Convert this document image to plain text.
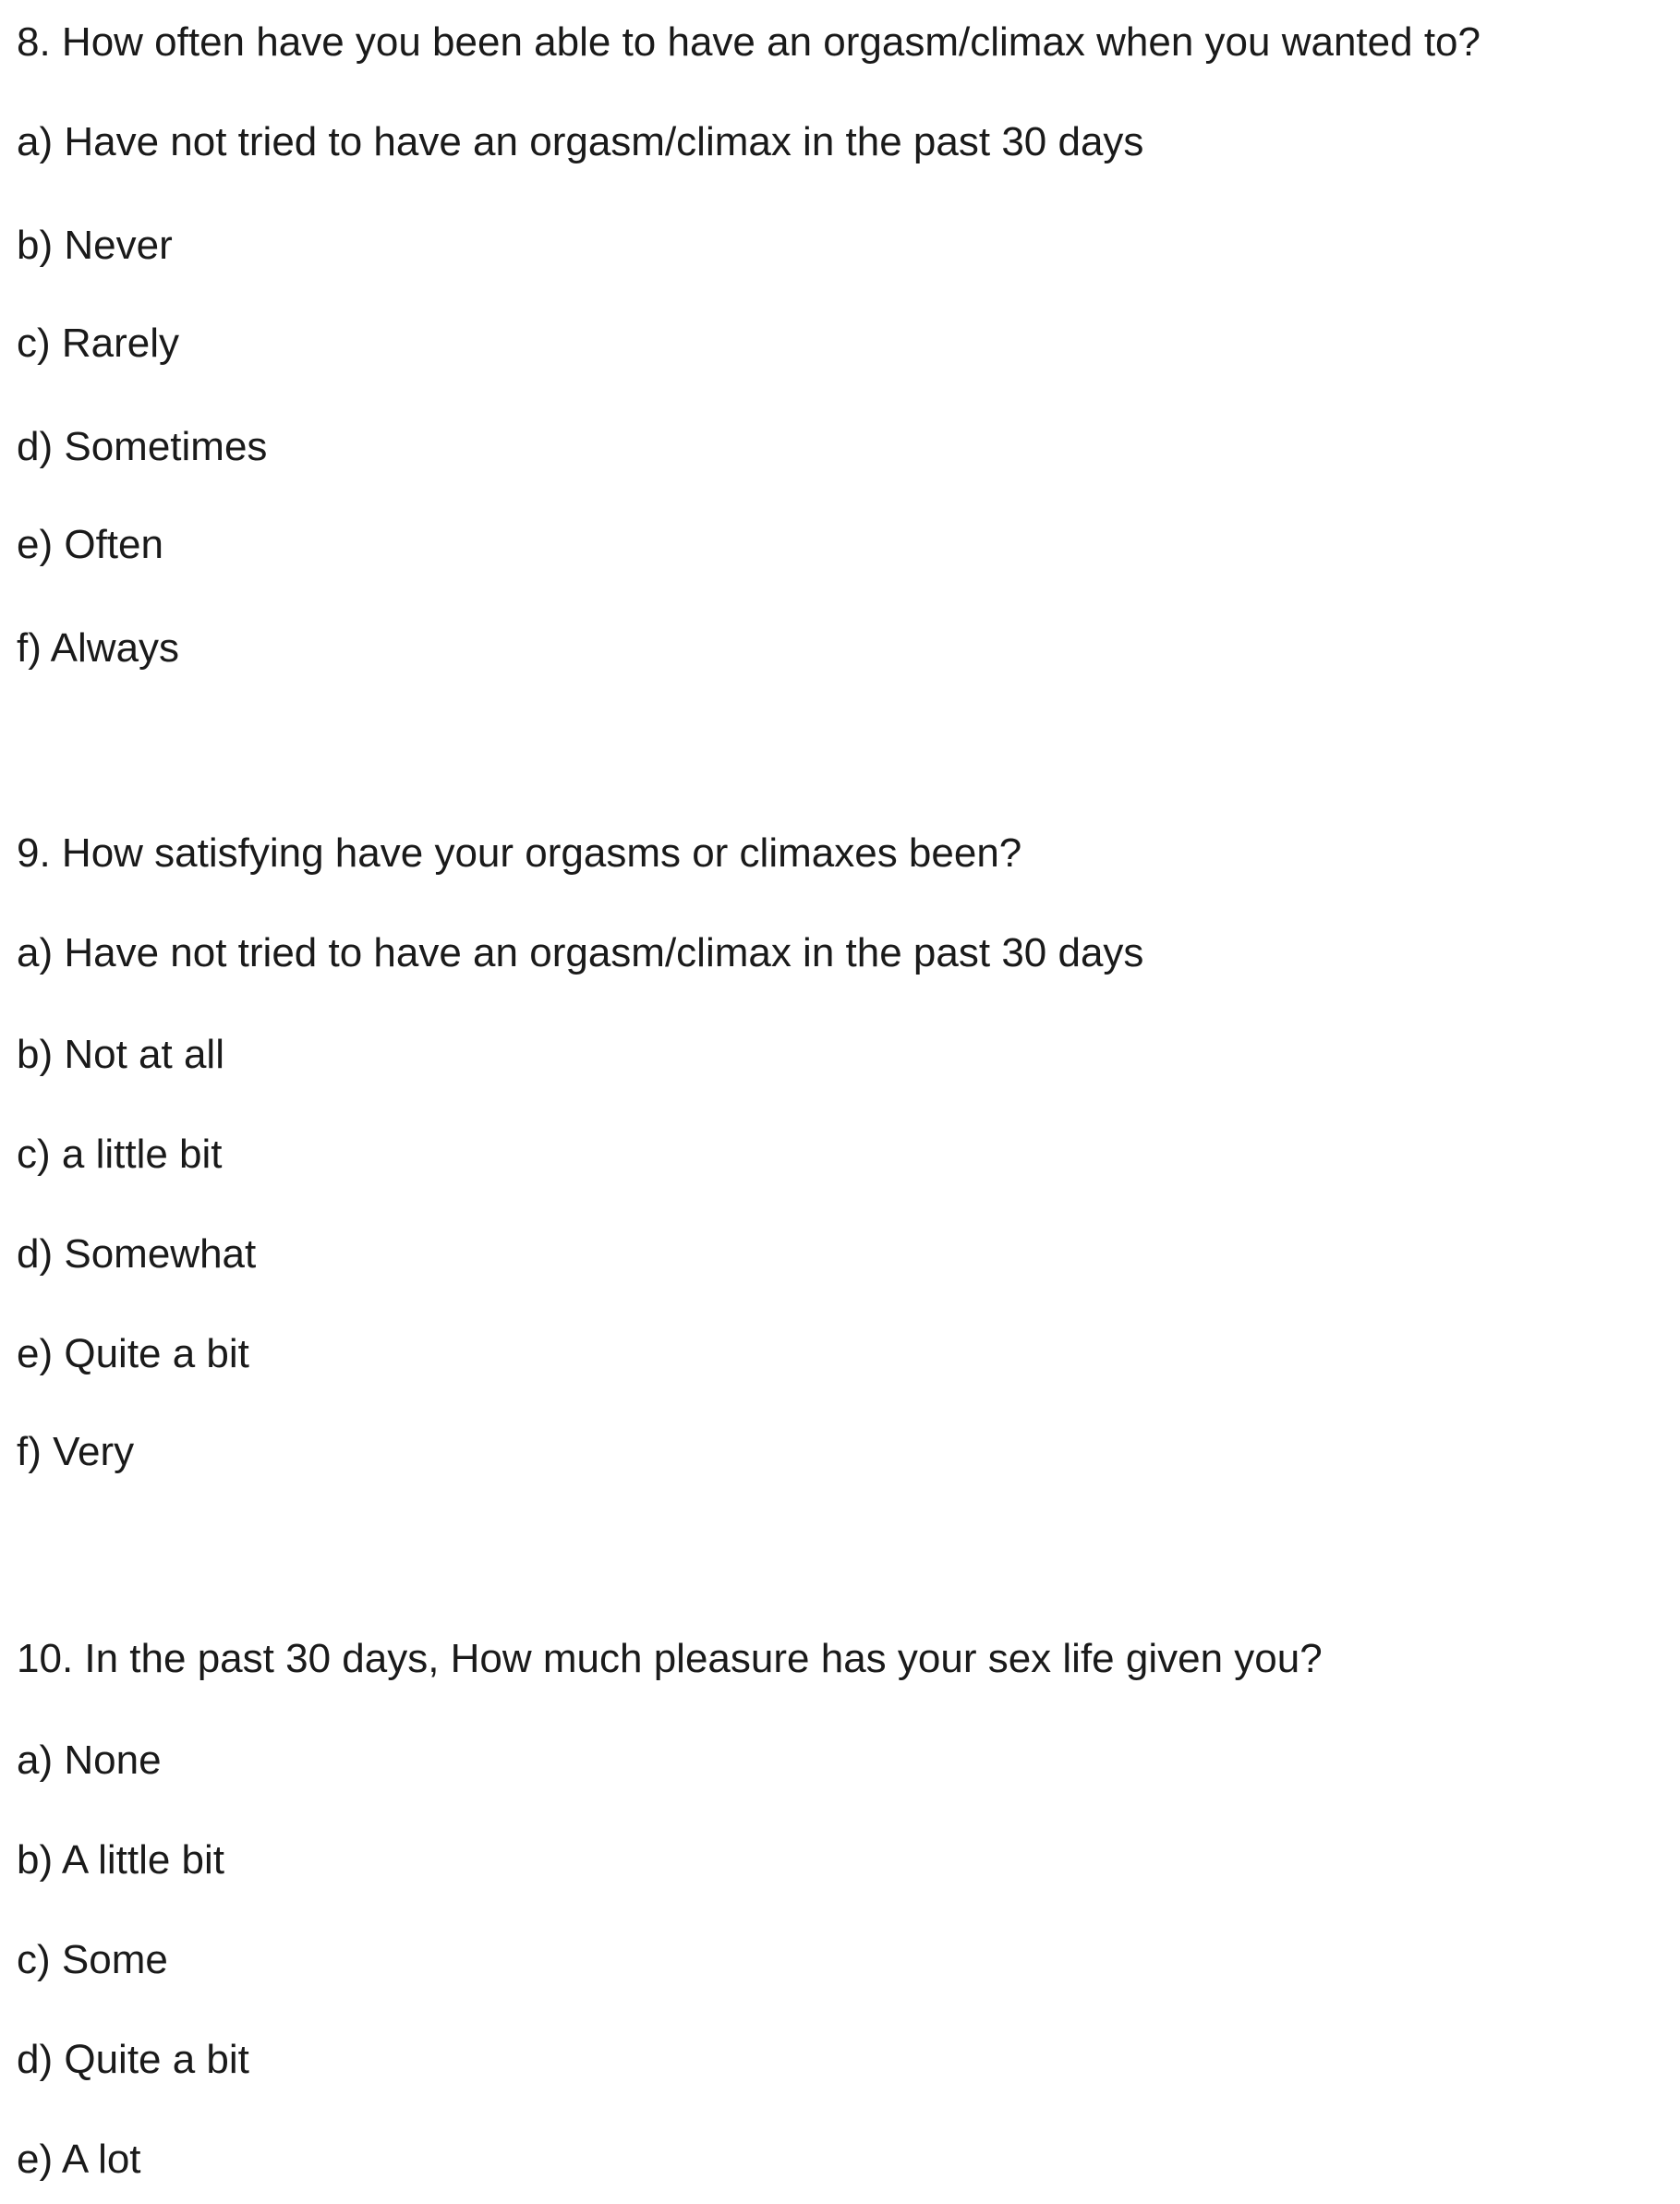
8. How often have you been able to have an orgasm/climax when you wanted to?
a) Have not tried to have an orgasm/climax in the past 30 days
b) Never
c) Rarely
d) Sometimes
e) Often
f) Always
9. How satisfying have your orgasms or climaxes been?
a) Have not tried to have an orgasm/climax in the past 30 days
b) Not at all
c) a little bit
d) Somewhat
e) Quite a bit
f) Very
10. In the past 30 days, How much pleasure has your sex life given you?
a) None
b) A little bit
c) Some
d) Quite a bit
e) A lot
